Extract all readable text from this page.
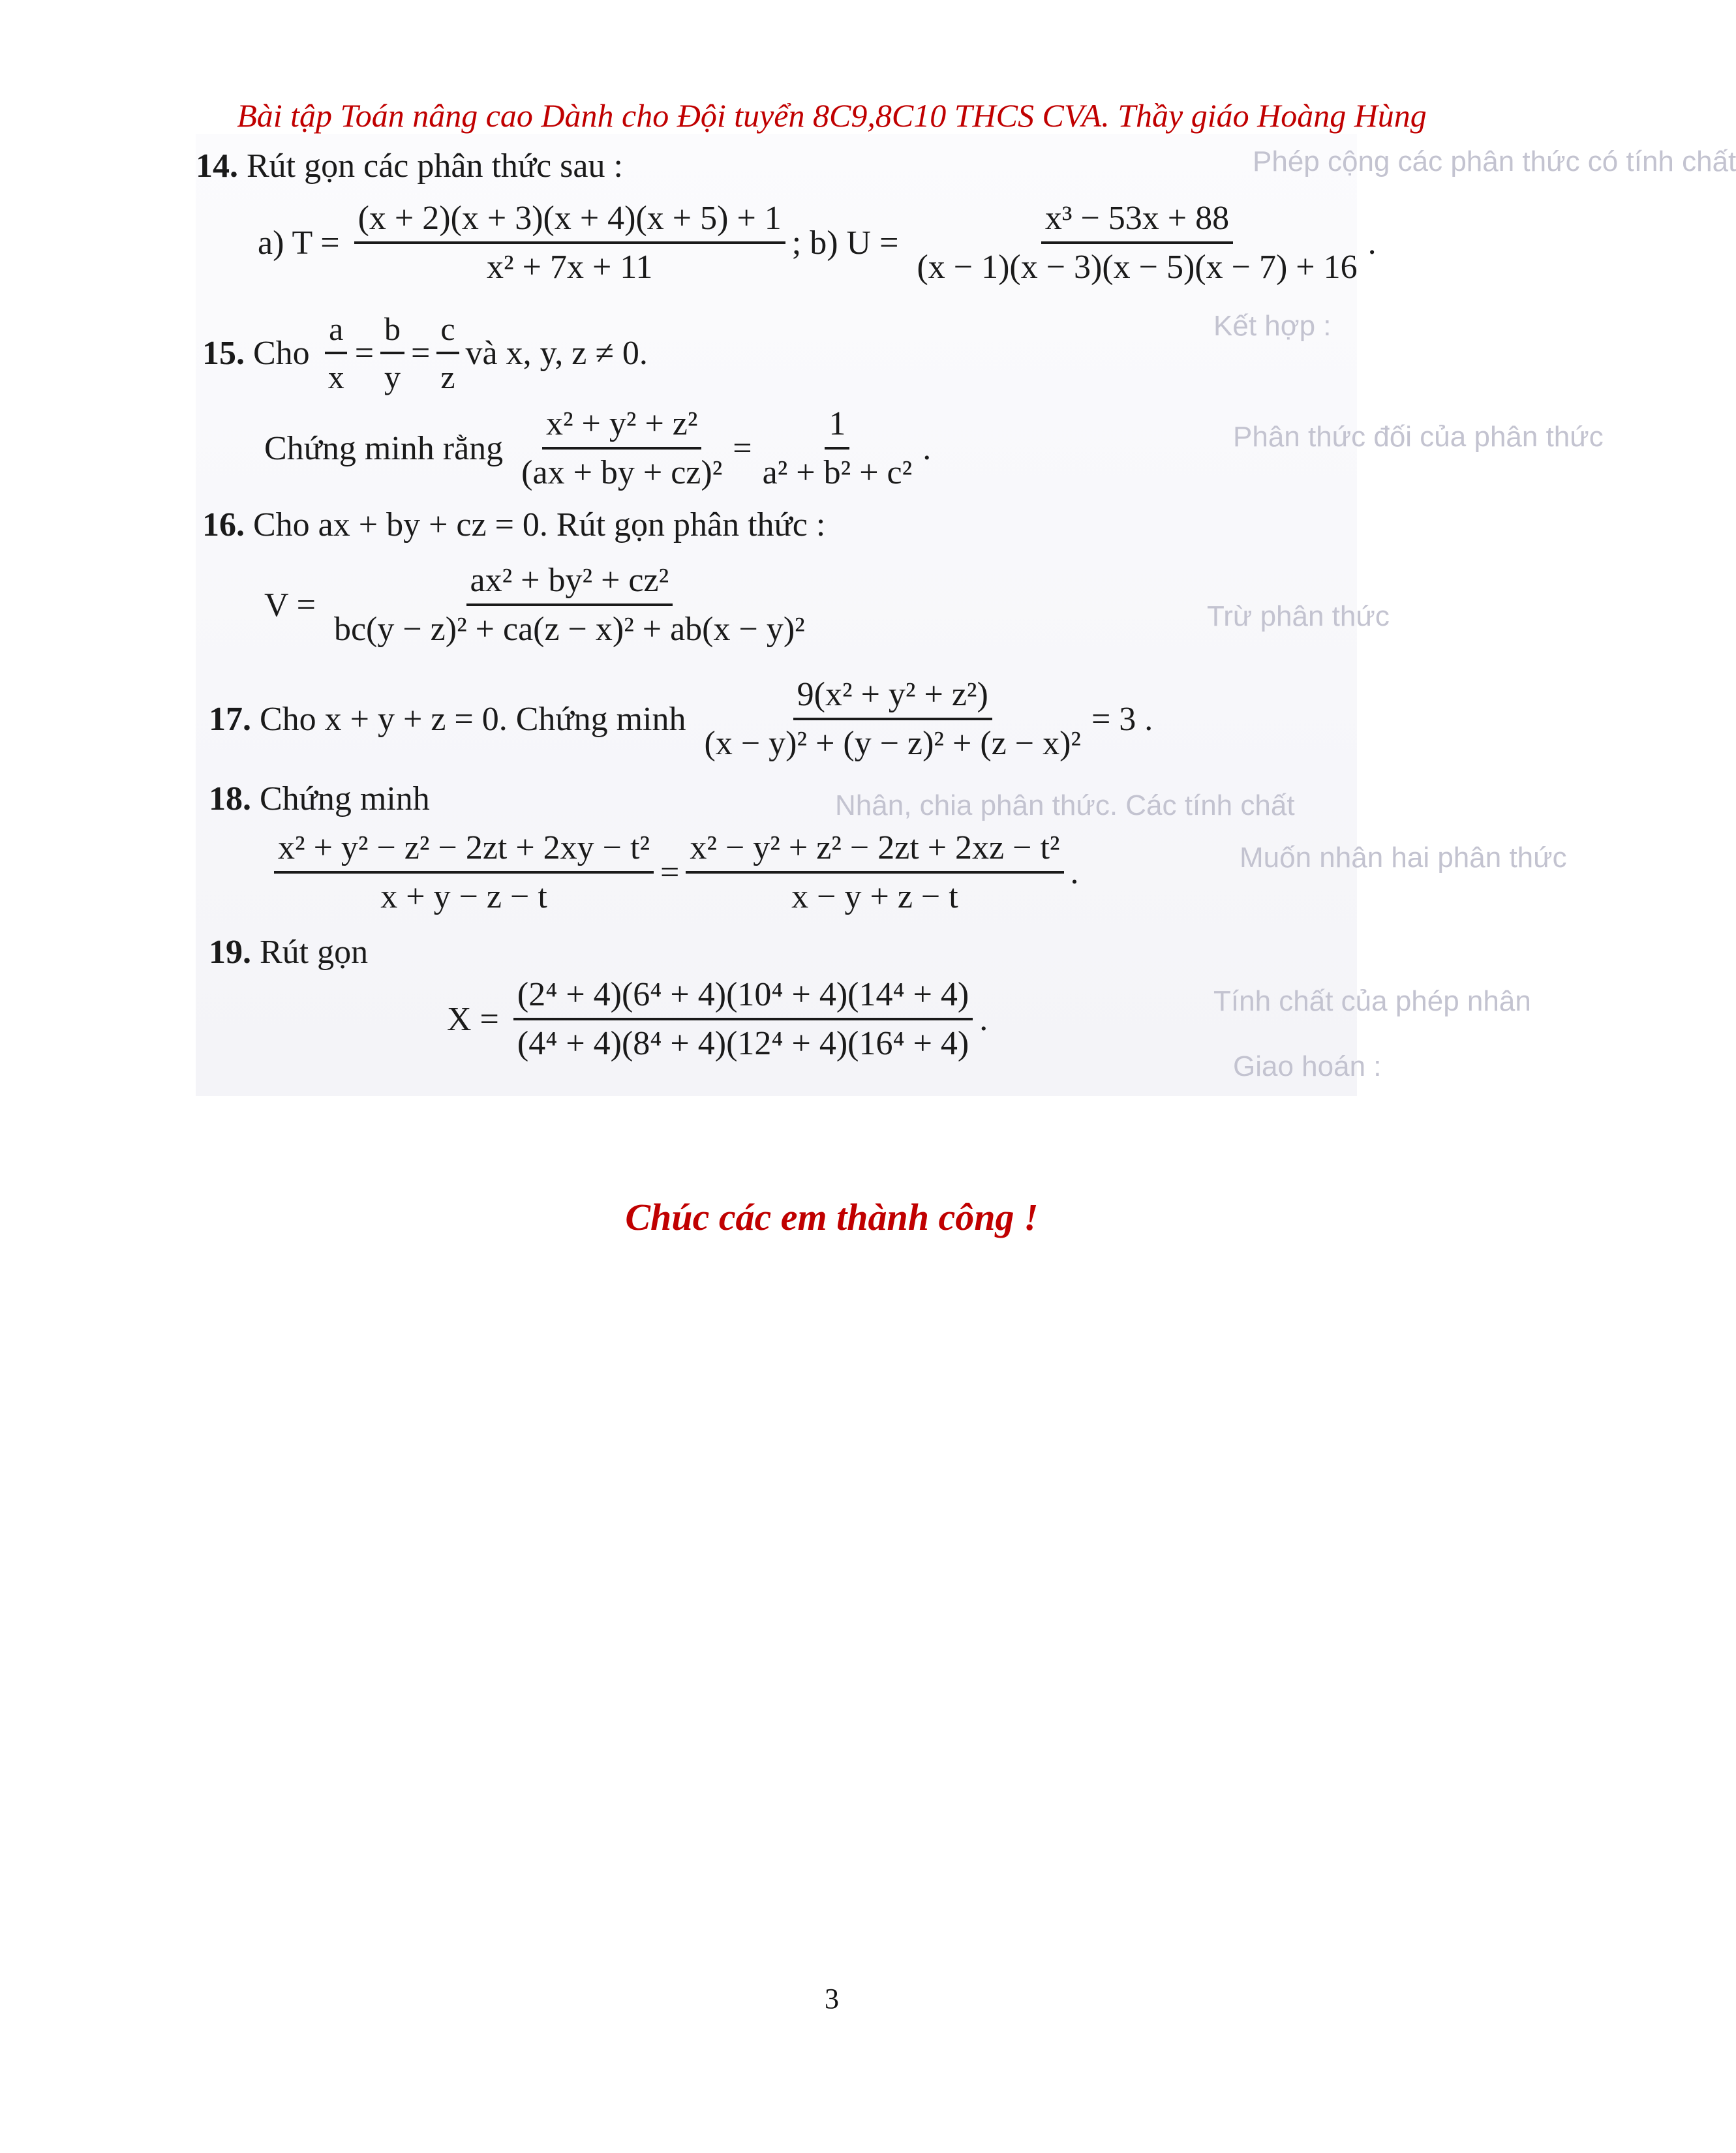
Bài tập Toán nâng cao Dành cho Đội tuyển 8C9,8C10 THCS CVA. Thầy giáo Hoàng Hùng
Phép cộng các phân thức có tính chất
Kết hợp :
Phân thức đối của phân thức
Trừ phân thức
Nhân, chia phân thức. Các tính chất
Muốn nhân hai phân thức
Tính chất của phép nhân
Giao hoán :
14.
Rút gọn các phân thức sau :
a) $T = \frac{(x + 2)(x + 3)(x + 4)(x + 5) + 1}{\text{x² + 7x + 11}}$ ; b) $U = \frac{\text{x³ − 53x + 88}}{(x - 1)(x - 3)(x - 5)(x - 7) + 16}$ .
15.
Cho $\frac{a}{x} = \frac{b}{y} = \frac{c}{z}$ và x, y, z ≠ 0.
Chứng minh rằng $\frac{\text{x² + y² + z²}}{\text{(ax + by + cz)²}} = \frac{1}{\text{a² + b² + c²}}$ .
16.
Cho ax + by + cz = 0. Rút gọn phân thức :
$V = \frac{\text{ax² + by² + cz²}}{\text{bc(y − z)² + ca(z − x)² + ab(x − y)²}}$
17.
Cho x + y + z = 0. Chứng minh $\frac{\text{9(x² + y² + z²)}}{\text{(x − y)² + (y − z)² + (z − x)²}} = 3$ .
18.
Chứng minh
$\frac{\text{x² + y² − z² − 2zt + 2xy − t²}}{x + y - z - t} = \frac{\text{x² − y² + z² − 2zt + 2xz − t²}}{x - y + z - t}$ .
19.
Rút gọn
$X = \frac{\text{(2⁴ + 4)(6⁴ + 4)(10⁴ + 4)(14⁴ + 4)}}{\text{(4⁴ + 4)(8⁴ + 4)(12⁴ + 4)(16⁴ + 4)}}$ .
Chúc các em thành công !
3
